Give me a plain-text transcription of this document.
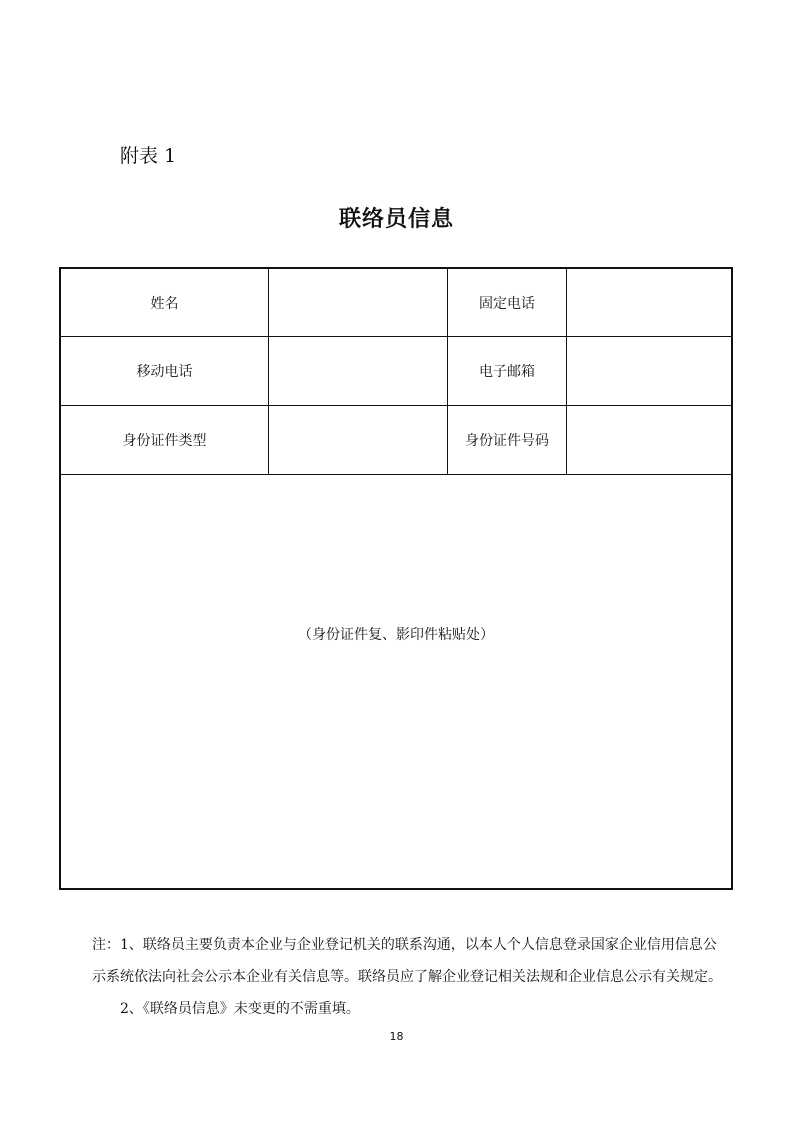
附表 1
联络员信息
姓名	固定电话
移动电话	电子邮箱
身份证件类型	身份证件号码
（身份证件复、影印件粘贴处）
注：1、联络员主要负责本企业与企业登记机关的联系沟通，以本人个人信息登录国家企业信用信息公
示系统依法向社会公示本企业有关信息等。联络员应了解企业登记相关法规和企业信息公示有关规定。
2、《联络员信息》未变更的不需重填。
18
